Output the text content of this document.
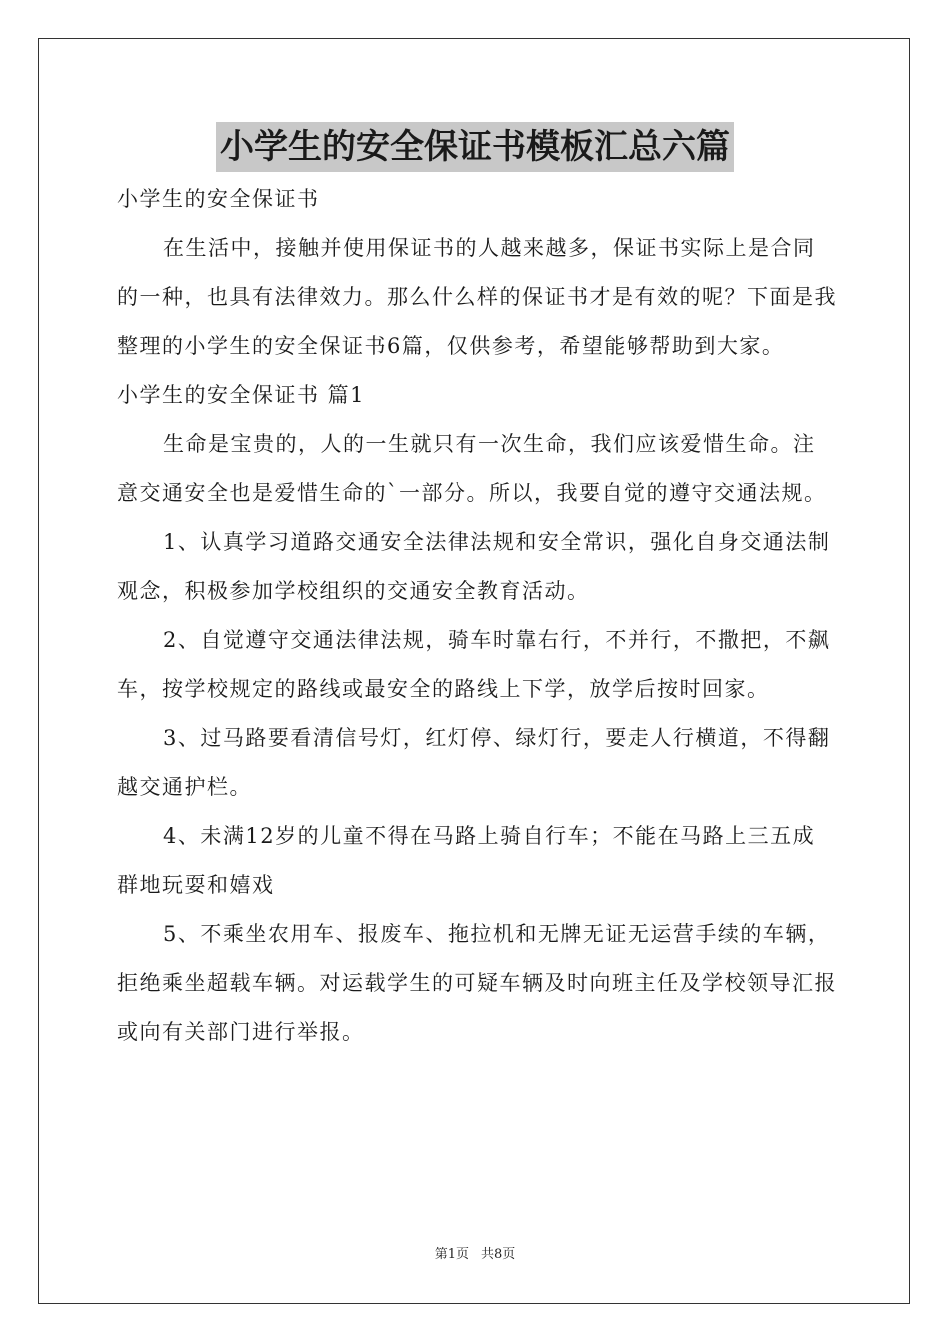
小学生的安全保证书模板汇总六篇

小学生的安全保证书

在生活中，接触并使用保证书的人越来越多，保证书实际上是合同的一种，也具有法律效力。那么什么样的保证书才是有效的呢？下面是我整理的小学生的安全保证书6篇，仅供参考，希望能够帮助到大家。

小学生的安全保证书 篇1

生命是宝贵的，人的一生就只有一次生命，我们应该爱惜生命。注意交通安全也是爱惜生命的`一部分。所以，我要自觉的遵守交通法规。

1、认真学习道路交通安全法律法规和安全常识，强化自身交通法制观念，积极参加学校组织的交通安全教育活动。

2、自觉遵守交通法律法规，骑车时靠右行，不并行，不撒把，不飙车，按学校规定的路线或最安全的路线上下学，放学后按时回家。

3、过马路要看清信号灯，红灯停、绿灯行，要走人行横道，不得翻越交通护栏。

4、未满12岁的儿童不得在马路上骑自行车；不能在马路上三五成群地玩耍和嬉戏

5、不乘坐农用车、报废车、拖拉机和无牌无证无运营手续的车辆，拒绝乘坐超载车辆。对运载学生的可疑车辆及时向班主任及学校领导汇报或向有关部门进行举报。

第1页 共8页
